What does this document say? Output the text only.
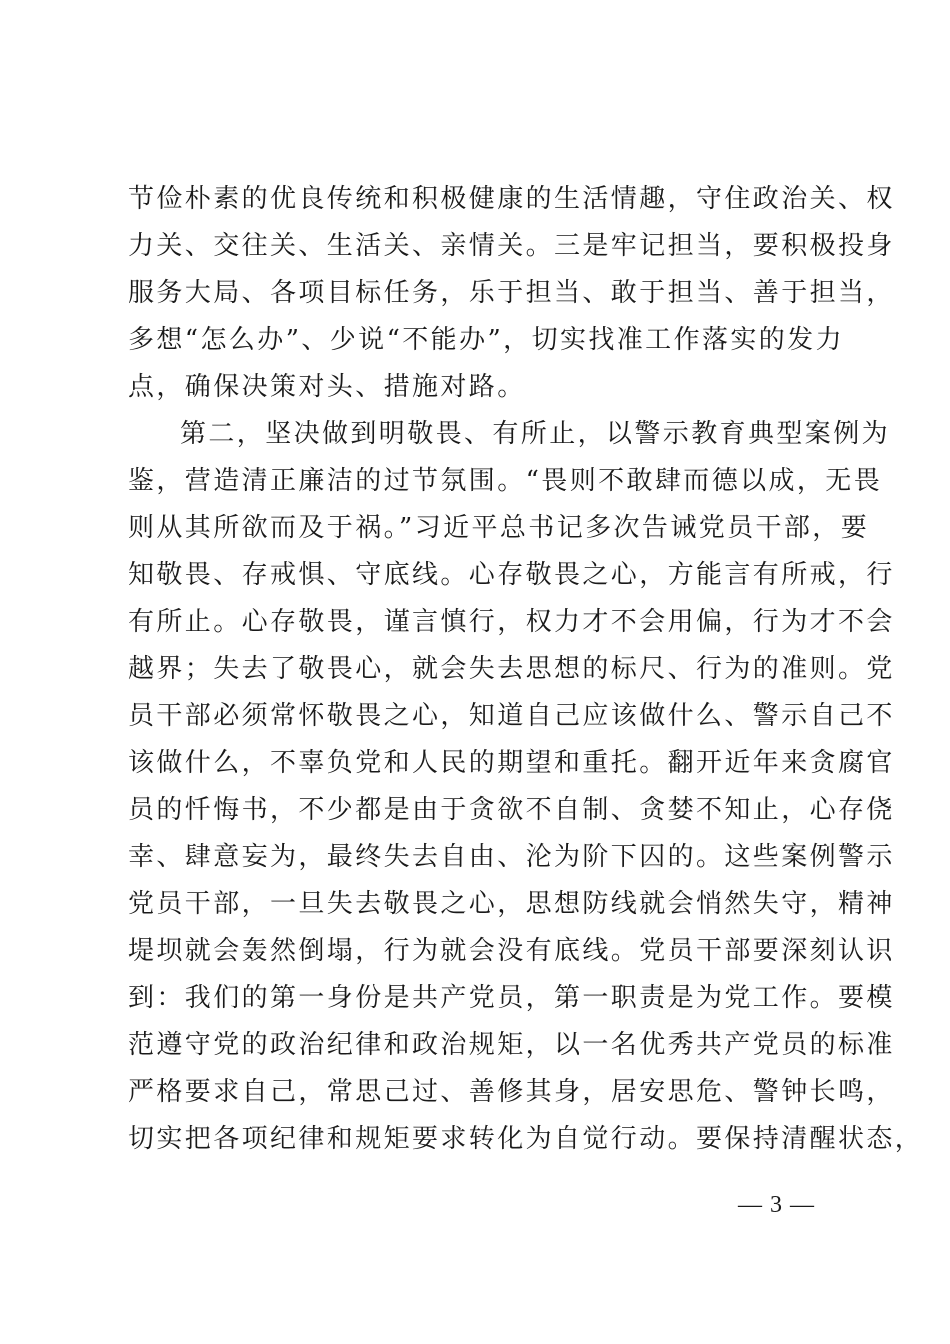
节俭朴素的优良传统和积极健康的生活情趣，守住政治关、权
力关、交往关、生活关、亲情关。三是牢记担当，要积极投身
服务大局、各项目标任务，乐于担当、敢于担当、善于担当，
多想“怎么办”、少说“不能办”，切实找准工作落实的发力
点，确保决策对头、措施对路。
第二，坚决做到明敬畏、有所止，以警示教育典型案例为
鉴，营造清正廉洁的过节氛围。“畏则不敢肆而德以成，无畏
则从其所欲而及于祸。”习近平总书记多次告诫党员干部，要
知敬畏、存戒惧、守底线。心存敬畏之心，方能言有所戒，行
有所止。心存敬畏，谨言慎行，权力才不会用偏，行为才不会
越界；失去了敬畏心，就会失去思想的标尺、行为的准则。党
员干部必须常怀敬畏之心，知道自己应该做什么、警示自己不
该做什么，不辜负党和人民的期望和重托。翻开近年来贪腐官
员的忏悔书，不少都是由于贪欲不自制、贪婪不知止，心存侥
幸、肆意妄为，最终失去自由、沦为阶下囚的。这些案例警示
党员干部，一旦失去敬畏之心，思想防线就会悄然失守，精神
堤坝就会轰然倒塌，行为就会没有底线。党员干部要深刻认识
到：我们的第一身份是共产党员，第一职责是为党工作。要模
范遵守党的政治纪律和政治规矩，以一名优秀共产党员的标准
严格要求自己，常思己过、善修其身，居安思危、警钟长鸣，
切实把各项纪律和规矩要求转化为自觉行动。要保持清醒状态，
— 3 —
